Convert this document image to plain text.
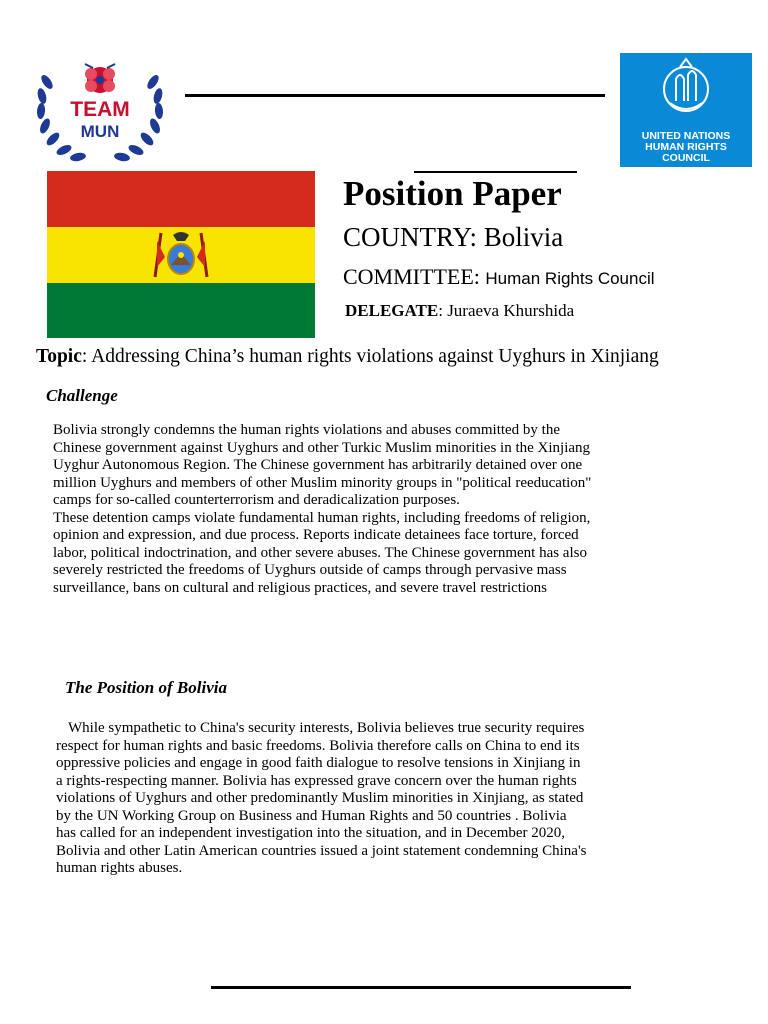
TEAM
MUN	UNITED NATIONS
HUMAN RIGHTS
COUNCIL
Position Paper
COUNTRY: Bolivia
COMMITTEE: Human Rights Council
DELEGATE: Juraeva Khurshida
Topic: Addressing China’s human rights violations against Uyghurs in Xinjiang
Challenge
Bolivia strongly condemns the human rights violations and abuses committed by the
Chinese government against Uyghurs and other Turkic Muslim minorities in the Xinjiang
Uyghur Autonomous Region. The Chinese government has arbitrarily detained over one
million Uyghurs and members of other Muslim minority groups in "political reeducation"
camps for so-called counterterrorism and deradicalization purposes.
These detention camps violate fundamental human rights, including freedoms of religion,
opinion and expression, and due process. Reports indicate detainees face torture, forced
labor, political indoctrination, and other severe abuses. The Chinese government has also
severely restricted the freedoms of Uyghurs outside of camps through pervasive mass
surveillance, bans on cultural and religious practices, and severe travel restrictions
The Position of Bolivia
While sympathetic to China's security interests, Bolivia believes true security requires
respect for human rights and basic freedoms. Bolivia therefore calls on China to end its
oppressive policies and engage in good faith dialogue to resolve tensions in Xinjiang in
a rights-respecting manner. Bolivia has expressed grave concern over the human rights
violations of Uyghurs and other predominantly Muslim minorities in Xinjiang, as stated
by the UN Working Group on Business and Human Rights and 50 countries . Bolivia
has called for an independent investigation into the situation, and in December 2020,
Bolivia and other Latin American countries issued a joint statement condemning China's
human rights abuses.
